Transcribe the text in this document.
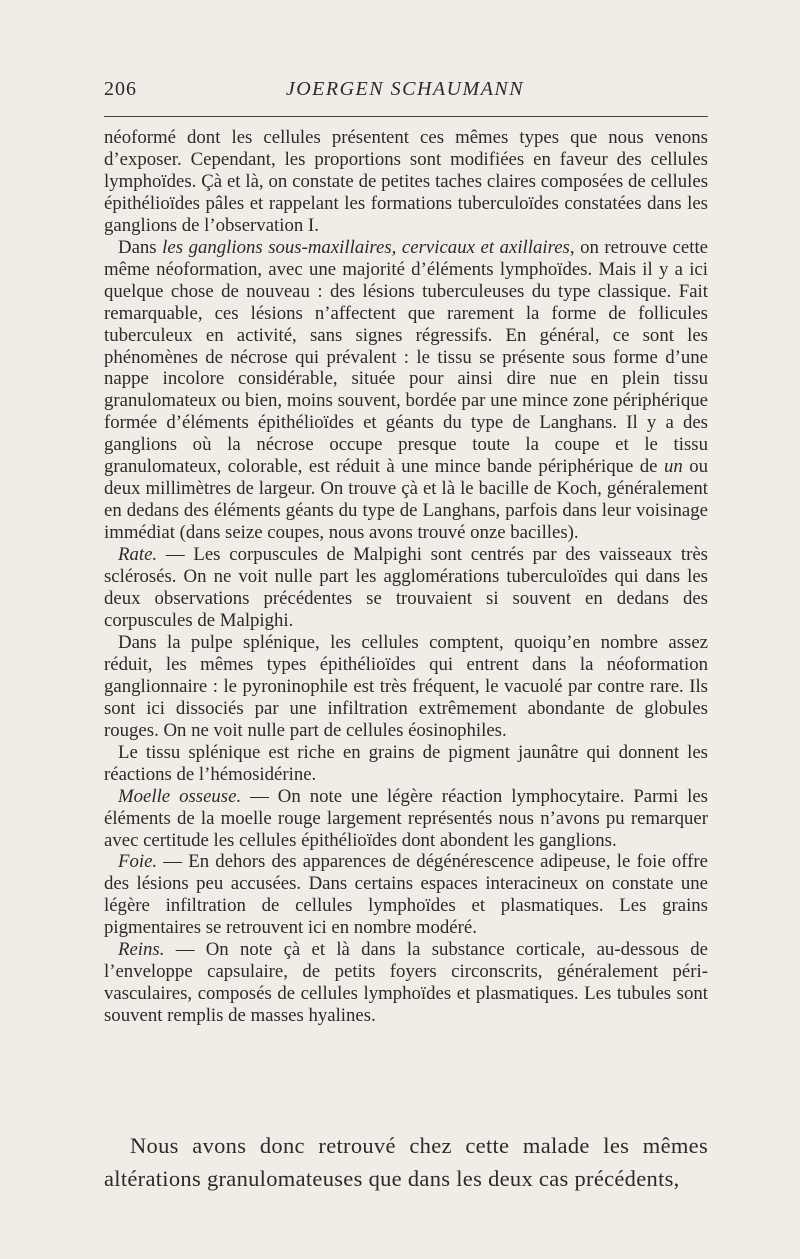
206	JOERGEN SCHAUMANN

néoformé dont les cellules présentent ces mêmes types que nous venons d’exposer. Cependant, les proportions sont modifiées en faveur des cellules lymphoïdes. Çà et là, on constate de petites taches claires composées de cellules épithélioïdes pâles et rappelant les formations tuberculoïdes constatées dans les ganglions de l’observation I.

Dans les ganglions sous-maxillaires, cervicaux et axillaires, on retrouve cette même néoformation, avec une majorité d’éléments lymphoïdes. Mais il y a ici quelque chose de nouveau : des lésions tuberculeuses du type classique. Fait remarquable, ces lésions n’affectent que rarement la forme de follicules tuberculeux en activité, sans signes régressifs. En général, ce sont les phénomènes de nécrose qui prévalent : le tissu se présente sous forme d’une nappe incolore considérable, située pour ainsi dire nue en plein tissu granulomateux ou bien, moins souvent, bordée par une mince zone périphérique formée d’éléments épithélioïdes et géants du type de Langhans. Il y a des ganglions où la nécrose occupe presque toute la coupe et le tissu granulomateux, colorable, est réduit à une mince bande périphérique de un ou deux millimètres de largeur. On trouve çà et là le bacille de Koch, généralement en dedans des éléments géants du type de Langhans, parfois dans leur voisinage immédiat (dans seize coupes, nous avons trouvé onze bacilles).

Rate. — Les corpuscules de Malpighi sont centrés par des vaisseaux très sclérosés. On ne voit nulle part les agglomérations tuberculoïdes qui dans les deux observations précédentes se trouvaient si souvent en dedans des corpuscules de Malpighi.

Dans la pulpe splénique, les cellules comptent, quoiqu’en nombre assez réduit, les mêmes types épithélioïdes qui entrent dans la néoformation ganglionnaire : le pyroninophile est très fréquent, le vacuolé par contre rare. Ils sont ici dissociés par une infiltration extrêmement abondante de globules rouges. On ne voit nulle part de cellules éosinophiles.

Le tissu splénique est riche en grains de pigment jaunâtre qui donnent les réactions de l’hémosidérine.

Moelle osseuse. — On note une légère réaction lymphocytaire. Parmi les éléments de la moelle rouge largement représentés nous n’avons pu remarquer avec certitude les cellules épithélioïdes dont abondent les ganglions.

Foie. — En dehors des apparences de dégénérescence adipeuse, le foie offre des lésions peu accusées. Dans certains espaces interacineux on constate une légère infiltration de cellules lymphoïdes et plasmatiques. Les grains pigmentaires se retrouvent ici en nombre modéré.

Reins. — On note çà et là dans la substance corticale, au-dessous de l’enveloppe capsulaire, de petits foyers circonscrits, généralement péri-vasculaires, composés de cellules lymphoïdes et plasmatiques. Les tubules sont souvent remplis de masses hyalines.

Nous avons donc retrouvé chez cette malade les mêmes altérations granulomateuses que dans les deux cas précédents,
